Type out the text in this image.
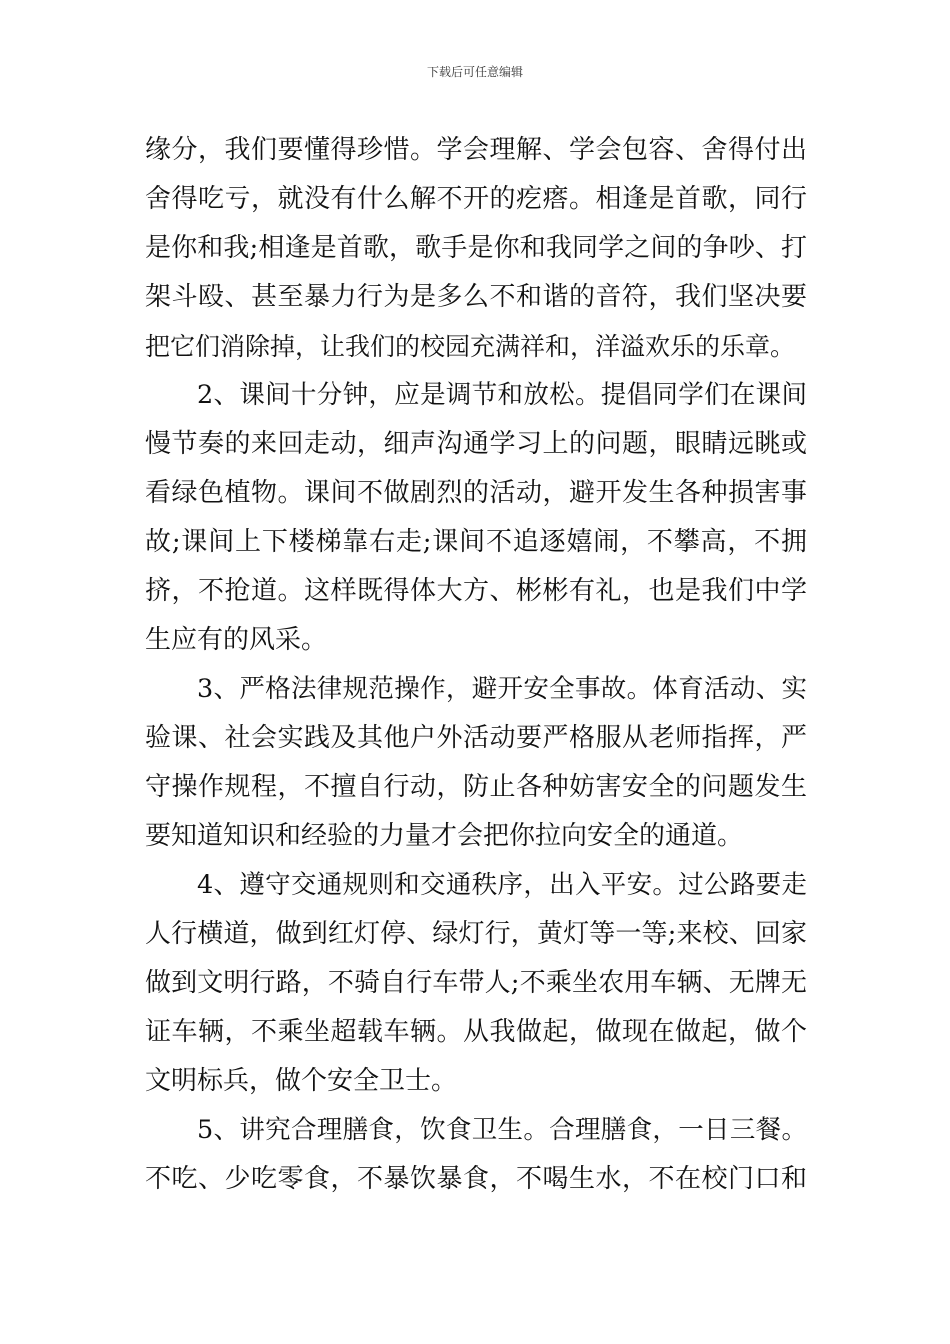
下载后可任意编辑
缘分，我们要懂得珍惜。学会理解、学会包容、舍得付出
舍得吃亏，就没有什么解不开的疙瘩。相逢是首歌，同行
是你和我;相逢是首歌，歌手是你和我同学之间的争吵、打
架斗殴、甚至暴力行为是多么不和谐的音符，我们坚决要
把它们消除掉，让我们的校园充满祥和，洋溢欢乐的乐章。
2、课间十分钟，应是调节和放松。提倡同学们在课间
慢节奏的来回走动，细声沟通学习上的问题，眼睛远眺或
看绿色植物。课间不做剧烈的活动，避开发生各种损害事
故;课间上下楼梯靠右走;课间不追逐嬉闹，不攀高，不拥
挤，不抢道。这样既得体大方、彬彬有礼，也是我们中学
生应有的风采。
3、严格法律规范操作，避开安全事故。体育活动、实
验课、社会实践及其他户外活动要严格服从老师指挥，严
守操作规程，不擅自行动，防止各种妨害安全的问题发生
要知道知识和经验的力量才会把你拉向安全的通道。
4、遵守交通规则和交通秩序，出入平安。过公路要走
人行横道，做到红灯停、绿灯行，黄灯等一等;来校、回家
做到文明行路，不骑自行车带人;不乘坐农用车辆、无牌无
证车辆，不乘坐超载车辆。从我做起，做现在做起，做个
文明标兵，做个安全卫士。
5、讲究合理膳食，饮食卫生。合理膳食，一日三餐。
不吃、少吃零食，不暴饮暴食，不喝生水，不在校门口和
